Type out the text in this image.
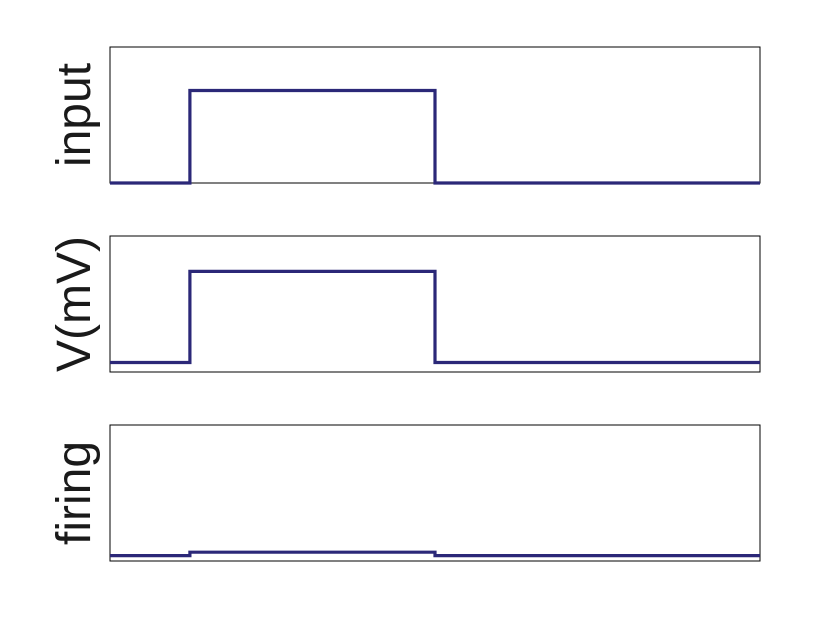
input
V(mV)
firing
